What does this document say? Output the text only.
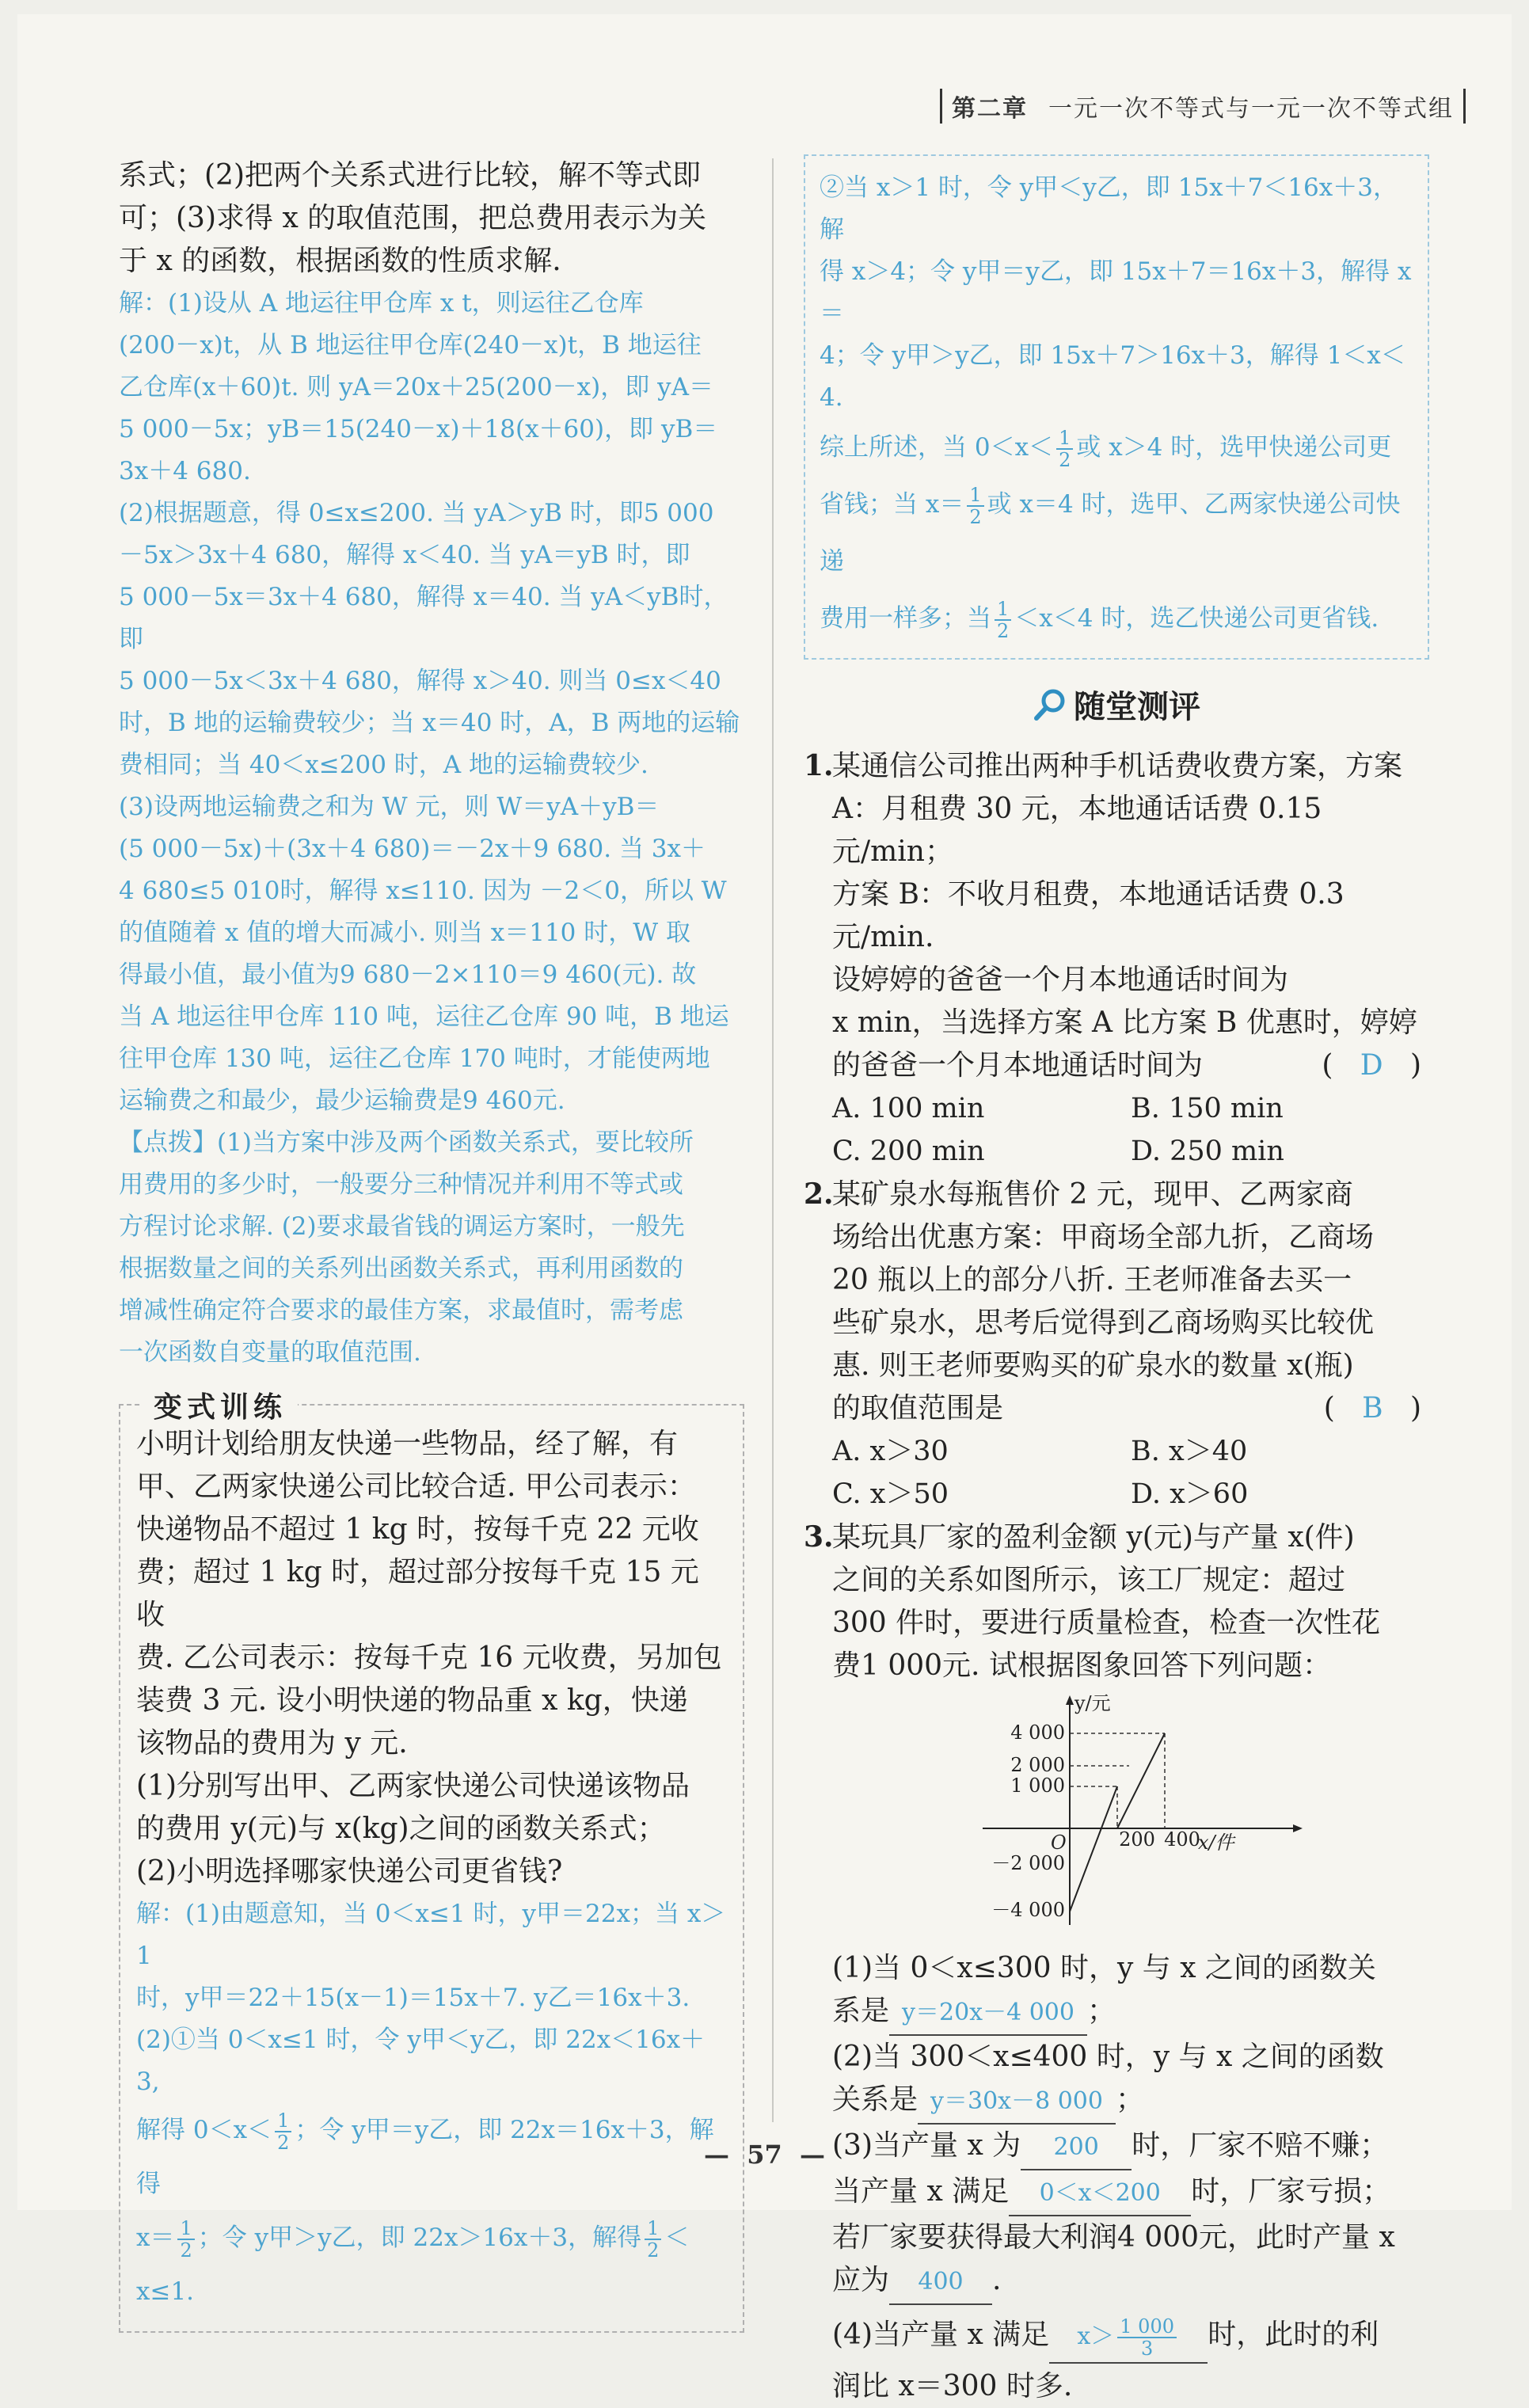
第二章 一元一次不等式与一元一次不等式组

系式；(2)把两个关系式进行比较，解不等式即

可；(3)求得 x 的取值范围，把总费用表示为关

于 x 的函数，根据函数的性质求解.

解：(1)设从 A 地运往甲仓库 x t，则运往乙仓库

(200－x)t，从 B 地运往甲仓库(240－x)t，B 地运往

乙仓库(x＋60)t. 则 yA＝20x＋25(200－x)，即 yA＝

5 000－5x；yB＝15(240－x)＋18(x＋60)，即 yB＝

3x＋4 680.

(2)根据题意，得 0≤x≤200. 当 yA＞yB 时，即5 000

－5x＞3x＋4 680，解得 x＜40. 当 yA＝yB 时，即

5 000－5x＝3x＋4 680，解得 x＝40. 当 yA＜yB时，即

5 000－5x＜3x＋4 680，解得 x＞40. 则当 0≤x＜40

时，B 地的运输费较少；当 x＝40 时，A，B 两地的运输

费相同；当 40＜x≤200 时，A 地的运输费较少.

(3)设两地运输费之和为 W 元，则 W＝yA＋yB＝

(5 000－5x)＋(3x＋4 680)＝－2x＋9 680. 当 3x＋

4 680≤5 010时，解得 x≤110. 因为 －2＜0，所以 W

的值随着 x 值的增大而减小. 则当 x＝110 时，W 取

得最小值，最小值为9 680－2×110＝9 460(元). 故

当 A 地运往甲仓库 110 吨，运往乙仓库 90 吨，B 地运

往甲仓库 130 吨，运往乙仓库 170 吨时，才能使两地

运输费之和最少，最少运输费是9 460元.

【点拨】(1)当方案中涉及两个函数关系式，要比较所

用费用的多少时，一般要分三种情况并利用不等式或

方程讨论求解. (2)要求最省钱的调运方案时，一般先

根据数量之间的关系列出函数关系式，再利用函数的

增减性确定符合要求的最佳方案，求最值时，需考虑

一次函数自变量的取值范围.

变式训练

小明计划给朋友快递一些物品，经了解，有

甲、乙两家快递公司比较合适. 甲公司表示：

快递物品不超过 1 kg 时，按每千克 22 元收

费；超过 1 kg 时，超过部分按每千克 15 元收

费. 乙公司表示：按每千克 16 元收费，另加包

装费 3 元. 设小明快递的物品重 x kg，快递

该物品的费用为 y 元.

(1)分别写出甲、乙两家快递公司快递该物品

的费用 y(元)与 x(kg)之间的函数关系式；

(2)小明选择哪家快递公司更省钱?

解：(1)由题意知，当 0＜x≤1 时，y甲＝22x；当 x＞1

时，y甲＝22＋15(x－1)＝15x＋7. y乙＝16x＋3.

(2)①当 0＜x≤1 时，令 y甲＜y乙，即 22x＜16x＋3,

解得 $0<x< \frac{1}{2}$ ；令 y甲＝y乙，即 22x＝16x＋3，解得

$x= \frac{1}{2}$ ；令 y甲＞y乙，即 22x＞16x＋3，解得 $\frac{1}{2} <x\le 1$.

②当 x＞1 时，令 y甲＜y乙，即 15x＋7＜16x＋3，解

得 x＞4；令 y甲＝y乙，即 15x＋7＝16x＋3，解得 x＝

4；令 y甲＞y乙，即 15x＋7＞16x＋3，解得 1＜x＜4.

综上所述，当 $0<x< \frac{1}{2}$ 或 x＞4 时，选甲快递公司更

省钱；当 $x= \frac{1}{2}$ 或 x＝4 时，选甲、乙两家快递公司快递

费用一样多；当 $\frac{1}{2} <x<4$ 时，选乙快递公司更省钱.

随堂测评

1.某通信公司推出两种手机话费收费方案，方案

A：月租费 30 元，本地通话话费 0.15 元/min；

方案 B：不收月租费，本地通话话费 0.3 元/min.

设婷婷的爸爸一个月本地通话时间为

x min，当选择方案 A 比方案 B 优惠时，婷婷

的爸爸一个月本地通话时间为	( D )

A. 100 min	B. 150 min
C. 200 min	D. 250 min

2.某矿泉水每瓶售价 2 元，现甲、乙两家商

场给出优惠方案：甲商场全部九折，乙商场

20 瓶以上的部分八折. 王老师准备去买一

些矿泉水，思考后觉得到乙商场购买比较优

惠. 则王老师要购买的矿泉水的数量 x(瓶)

的取值范围是	( B )

A. x＞30	B. x＞40
C. x＞50	D. x＞60

3.某玩具厂家的盈利金额 y(元)与产量 x(件)

之间的关系如图所示，该工厂规定：超过

300 件时，要进行质量检查，检查一次性花

费1 000元. 试根据图象回答下列问题：

y/元
x/件
O
4 000
2 000
1 000
－2 000
－4 000
200 400

(1)当 0＜x≤300 时，y 与 x 之间的函数关

系是 y＝20x－4 000 ；

(2)当 300＜x≤400 时，y 与 x 之间的函数

关系是 y＝30x－8 000 ；

(3)当产量 x 为 200 时，厂家不赔不赚；

当产量 x 满足 0＜x＜200 时，厂家亏损；

若厂家要获得最大利润4 000元，此时产量 x

应为 400 .

(4)当产量 x 满足 $x> \frac{1 000}{3}$ 时，此时的利

润比 x＝300 时多.

— 57 —
